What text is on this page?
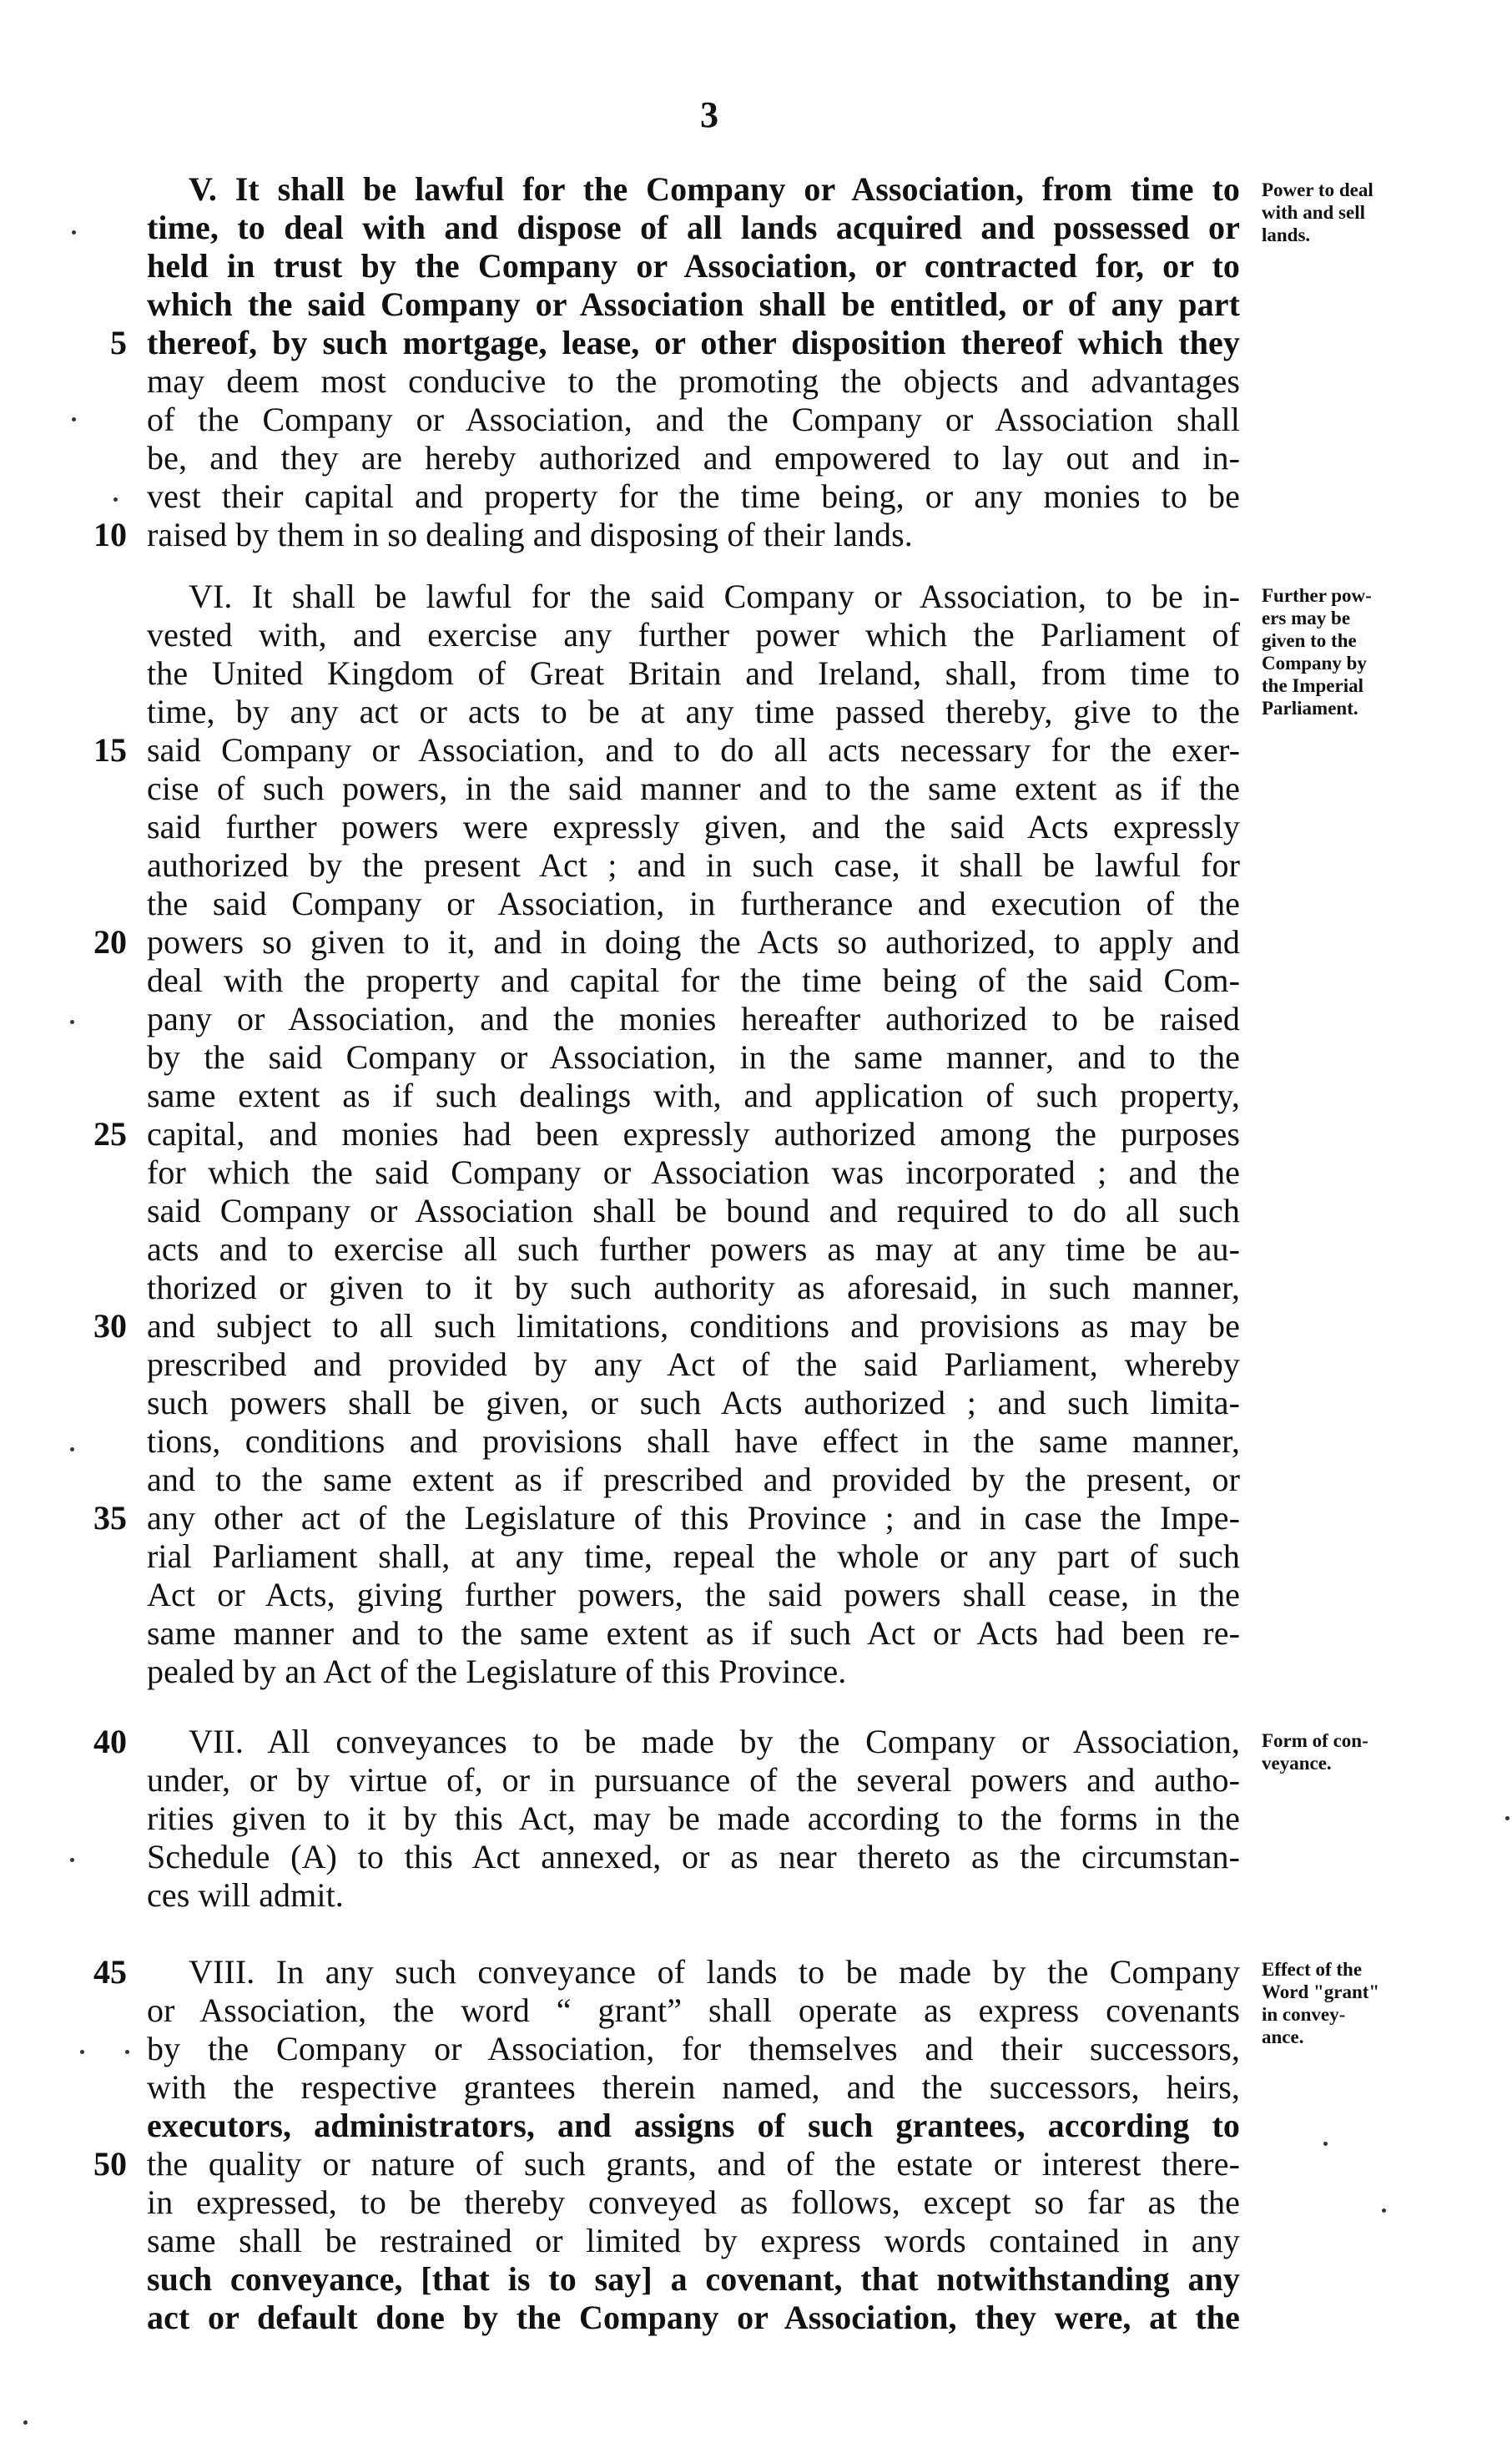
3
V. It shall be lawful for the Company or Association, from time to
time, to deal with and dispose of all lands acquired and possessed or
held in trust by the Company or Association, or contracted for, or to
which the said Company or Association shall be entitled, or of any part
thereof, by such mortgage, lease, or other disposition thereof which they
may deem most conducive to the promoting the objects and advantages
of the Company or Association, and the Company or Association shall
be, and they are hereby authorized and empowered to lay out and in-
vest their capital and property for the time being, or any monies to be
raised by them in so dealing and disposing of their lands.
Power to deal
with and sell
lands.
VI. It shall be lawful for the said Company or Association, to be in-
vested with, and exercise any further power which the Parliament of
the United Kingdom of Great Britain and Ireland, shall, from time to
time, by any act or acts to be at any time passed thereby, give to the
said Company or Association, and to do all acts necessary for the exer-
cise of such powers, in the said manner and to the same extent as if the
said further powers were expressly given, and the said Acts expressly
authorized by the present Act ; and in such case, it shall be lawful for
the said Company or Association, in furtherance and execution of the
powers so given to it, and in doing the Acts so authorized, to apply and
deal with the property and capital for the time being of the said Com-
pany or Association, and the monies hereafter authorized to be raised
by the said Company or Association, in the same manner, and to the
same extent as if such dealings with, and application of such property,
capital, and monies had been expressly authorized among the purposes
for which the said Company or Association was incorporated ; and the
said Company or Association shall be bound and required to do all such
acts and to exercise all such further powers as may at any time be au-
thorized or given to it by such authority as aforesaid, in such manner,
and subject to all such limitations, conditions and provisions as may be
prescribed and provided by any Act of the said Parliament, whereby
such powers shall be given, or such Acts authorized ; and such limita-
tions, conditions and provisions shall have effect in the same manner,
and to the same extent as if prescribed and provided by the present, or
any other act of the Legislature of this Province ; and in case the Impe-
rial Parliament shall, at any time, repeal the whole or any part of such
Act or Acts, giving further powers, the said powers shall cease, in the
same manner and to the same extent as if such Act or Acts had been re-
pealed by an Act of the Legislature of this Province.
Further pow-
ers may be
given to the
Company by
the Imperial
Parliament.
VII. All conveyances to be made by the Company or Association,
under, or by virtue of, or in pursuance of the several powers and autho-
rities given to it by this Act, may be made according to the forms in the
Schedule (A) to this Act annexed, or as near thereto as the circumstan-
ces will admit.
Form of con-
veyance.
VIII. In any such conveyance of lands to be made by the Company
or Association, the word “ grant” shall operate as express covenants
by the Company or Association, for themselves and their successors,
with the respective grantees therein named, and the successors, heirs,
executors, administrators, and assigns of such grantees, according to
the quality or nature of such grants, and of the estate or interest there-
in expressed, to be thereby conveyed as follows, except so far as the
same shall be restrained or limited by express words contained in any
such conveyance, [that is to say] a covenant, that notwithstanding any
act or default done by the Company or Association, they were, at the
Effect of the
Word "grant"
in convey-
ance.
5
10
15
20
25
30
35
40
45
50
